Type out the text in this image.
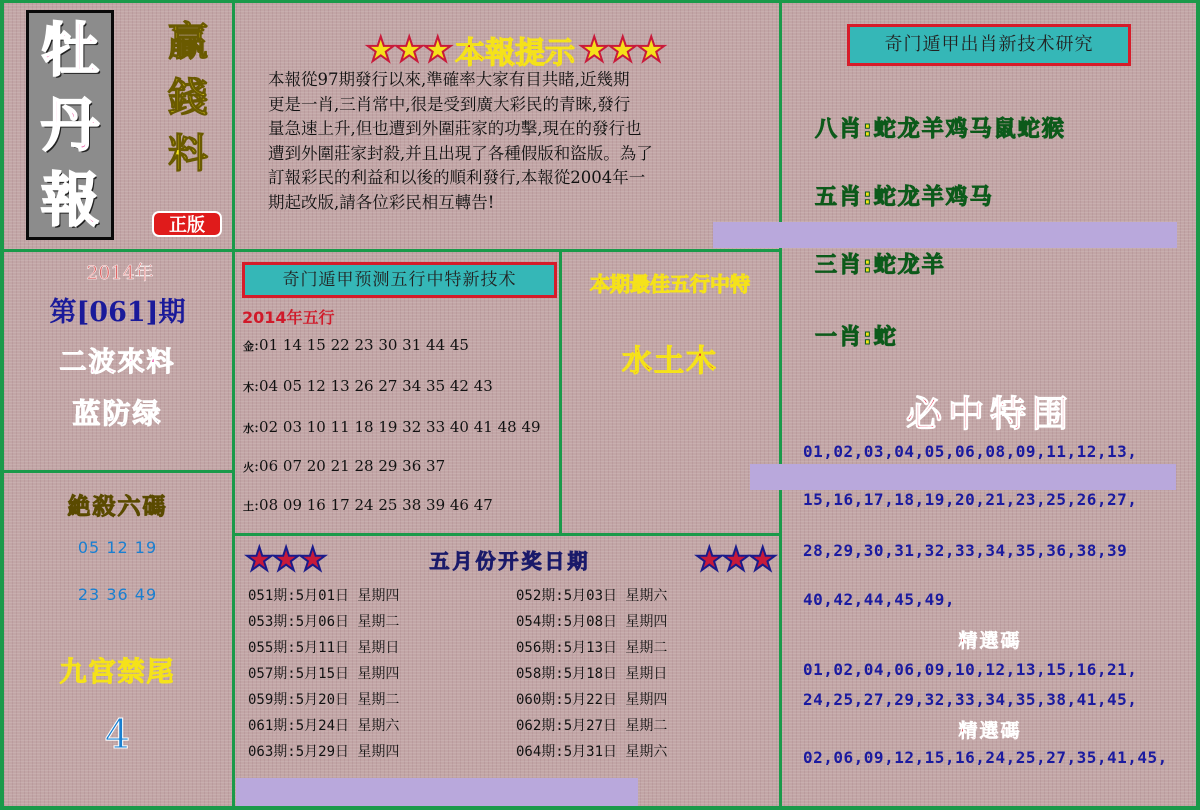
牡
丹
報
贏
錢
料
正版
★★★ 本報提示 ★★★
本報從97期發行以來,準確率大家有目共睹,近幾期
更是一肖,三肖常中,很是受到廣大彩民的青睞,發行
量急速上升,但也遭到外圍莊家的功擊,現在的發行也
遭到外圍莊家封殺,并且出現了各種假版和盜版。為了
訂報彩民的利益和以後的順利發行,本報從2004年一
期起改版,請各位彩民相互轉告!
2014年
第[061]期
二波來料
蓝防绿
絶殺六碼
05 12 19
23 36 49
九宫禁尾
4
奇门遁甲预测五行中特新技术
2014年五行
金:01 14 15 22 23 30 31 44 45
木:04 05 12 13 26 27 34 35 42 43
水:02 03 10 11 18 19 32 33 40 41 48 49
火:06 07 20 21 28 29 36 37
土:08 09 16 17 24 25 38 39 46 47
本期最佳五行中特
水土木
★★★	五月份开奖日期	★★★
051期:5月01日 星期四	052期:5月03日 星期六
053期:5月06日 星期二	054期:5月08日 星期四
055期:5月11日 星期日	056期:5月13日 星期二
057期:5月15日 星期四	058期:5月18日 星期日
059期:5月20日 星期二	060期:5月22日 星期四
061期:5月24日 星期六	062期:5月27日 星期二
063期:5月29日 星期四	064期:5月31日 星期六
奇门遁甲出肖新技术研究
八肖:蛇龙羊鸡马鼠蛇猴
五肖:蛇龙羊鸡马
三肖:蛇龙羊
一肖:蛇
必中特围
01,02,03,04,05,06,08,09,11,12,13,
15,16,17,18,19,20,21,23,25,26,27,
28,29,30,31,32,33,34,35,36,38,39
40,42,44,45,49,
精選碼
01,02,04,06,09,10,12,13,15,16,21,
24,25,27,29,32,33,34,35,38,41,45,
精選碼
02,06,09,12,15,16,24,25,27,35,41,45,
